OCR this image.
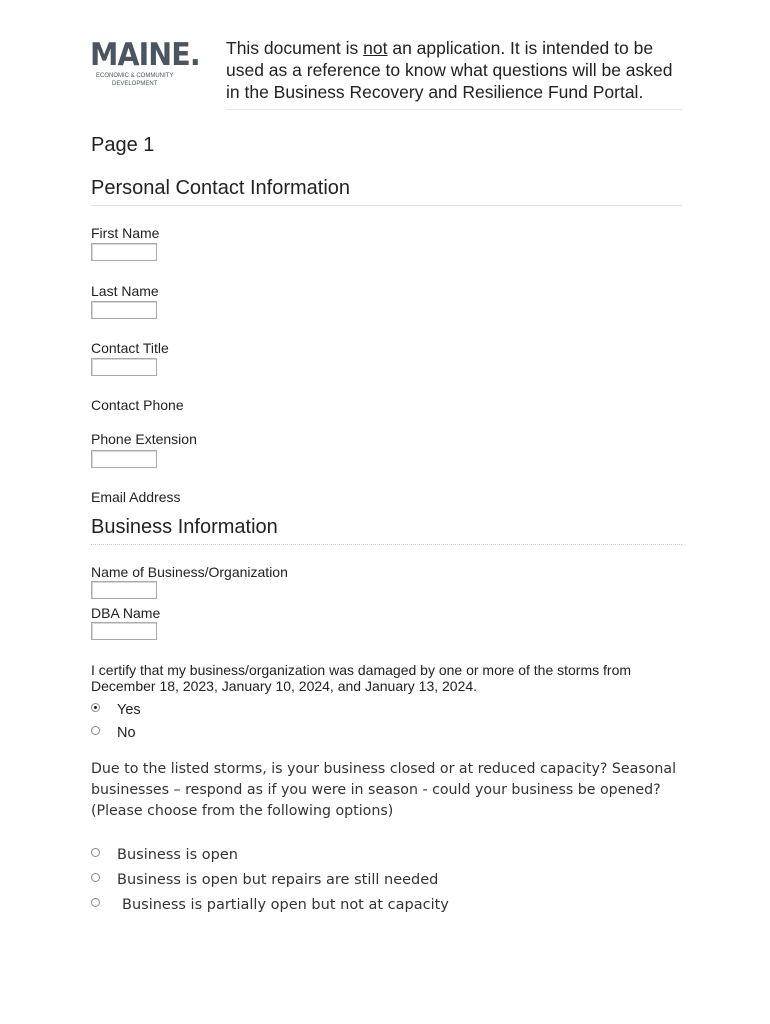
MAINE.
ECONOMIC & COMMUNITY
DEVELOPMENT
This document is not an application. It is intended to be used as a reference to know what questions will be asked in the Business Recovery and Resilience Fund Portal.
Page 1
Personal Contact Information
First Name
Last Name
Contact Title
Contact Phone
Phone Extension
Email Address
Business Information
Name of Business/Organization
DBA Name
I certify that my business/organization was damaged by one or more of the storms from December 18, 2023, January 10, 2024, and January 13, 2024.
Yes
No
Due to the listed storms, is your business closed or at reduced capacity? Seasonal businesses – respond as if you were in season - could your business be opened? (Please choose from the following options)
Business is open
Business is open but repairs are still needed
Business is partially open but not at capacity
